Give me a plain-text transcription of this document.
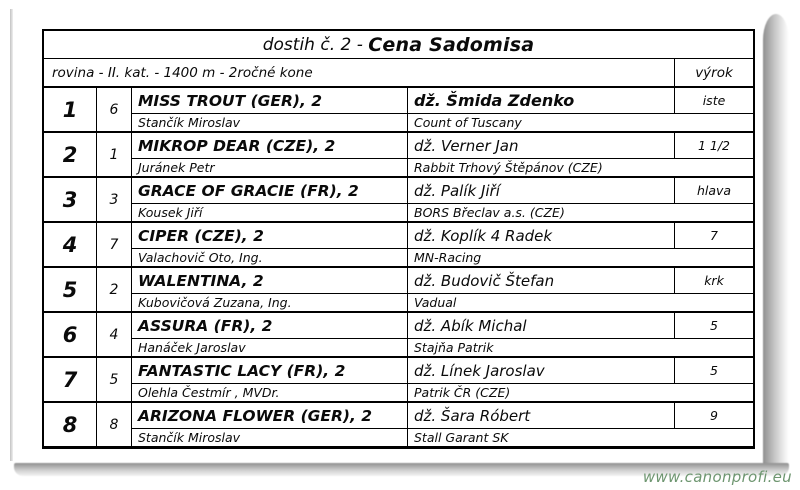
dostih č. 2 - Cena Sadomisa
rovina - II. kat. - 1400 m - 2ročné kone	výrok
1	6	MISS TROUT (GER), 2	dž. Šmida Zdenko	iste
Stančík Miroslav	Count of Tuscany
2	1	MIKROP DEAR (CZE), 2	dž. Verner Jan	1 1/2
Juránek Petr	Rabbit Trhový Štěpánov (CZE)
3	3	GRACE OF GRACIE (FR), 2	dž. Palík Jiří	hlava
Kousek Jiří	BORS Břeclav a.s. (CZE)
4	7	CIPER (CZE), 2	dž. Koplík 4 Radek	7
Valachovič Oto, Ing.	MN-Racing
5	2	WALENTINA, 2	dž. Budovič Štefan	krk
Kubovičová Zuzana, Ing.	Vadual
6	4	ASSURA (FR), 2	dž. Abík Michal	5
Hanáček Jaroslav	Stajňa Patrik
7	5	FANTASTIC LACY (FR), 2	dž. Línek Jaroslav	5
Olehla Čestmír , MVDr.	Patrik ČR (CZE)
8	8	ARIZONA FLOWER (GER), 2	dž. Šara Róbert	9
Stančík Miroslav	Stall Garant SK
www.canonprofi.eu
